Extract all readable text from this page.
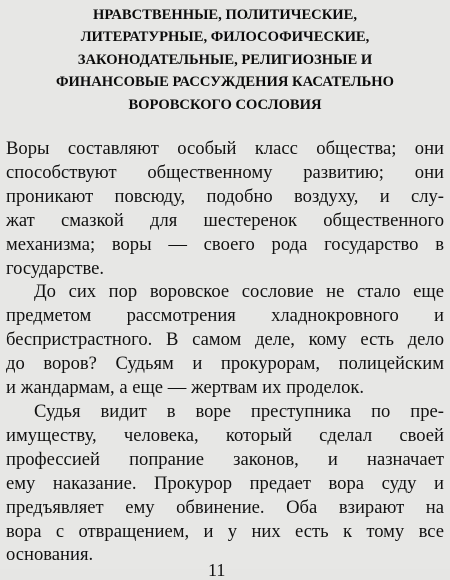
НРАВСТВЕННЫЕ, ПОЛИТИЧЕСКИЕ,
ЛИТЕРАТУРНЫЕ, ФИЛОСОФИЧЕСКИЕ,
ЗАКОНОДАТЕЛЬНЫЕ, РЕЛИГИОЗНЫЕ И
ФИНАНСОВЫЕ РАССУЖДЕНИЯ КАСАТЕЛЬНО
ВОРОВСКОГО СОСЛОВИЯ

Воры составляют особый класс общества; они
способствуют общественному развитию; они
проникают повсюду, подобно воздуху, и слу-
жат смазкой для шестеренок общественного
механизма; воры — своего рода государство в
государстве.

До сих пор воровское сословие не стало еще
предметом рассмотрения хладнокровного и
беспристрастного. В самом деле, кому есть дело
до воров? Судьям и прокурорам, полицейским
и жандармам, а еще — жертвам их проделок.

Судья видит в воре преступника по пре-
имуществу, человека, который сделал своей
профессией попрание законов, и назначает
ему наказание. Прокурор предает вора суду и
предъявляет ему обвинение. Оба взирают на
вора с отвращением, и у них есть к тому все
основания.

11
